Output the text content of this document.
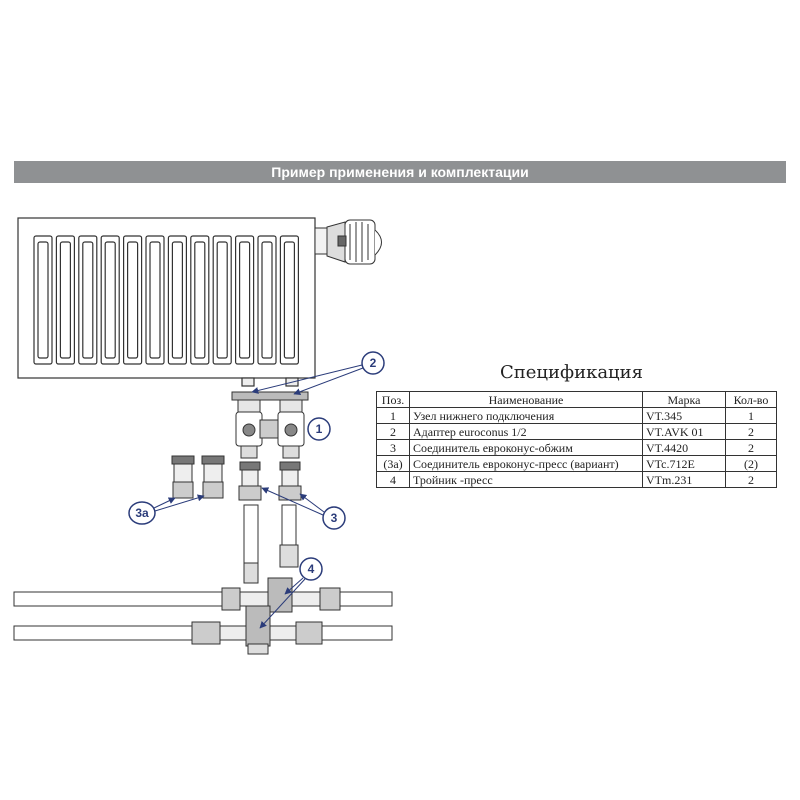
Пример применения и комплектации
2
1
3
3а
4
Спецификация
Поз.	Наименование	Марка	Кол-во
1	Узел нижнего подключения	VT.345	1
2	Адаптер euroconus 1/2	VT.AVK 01	2
3	Соединитель евроконус-обжим	VT.4420	2
(3а)	Соединитель евроконус-пресс (вариант)	VTc.712E	(2)
4	Тройник -пресс	VTm.231	2
